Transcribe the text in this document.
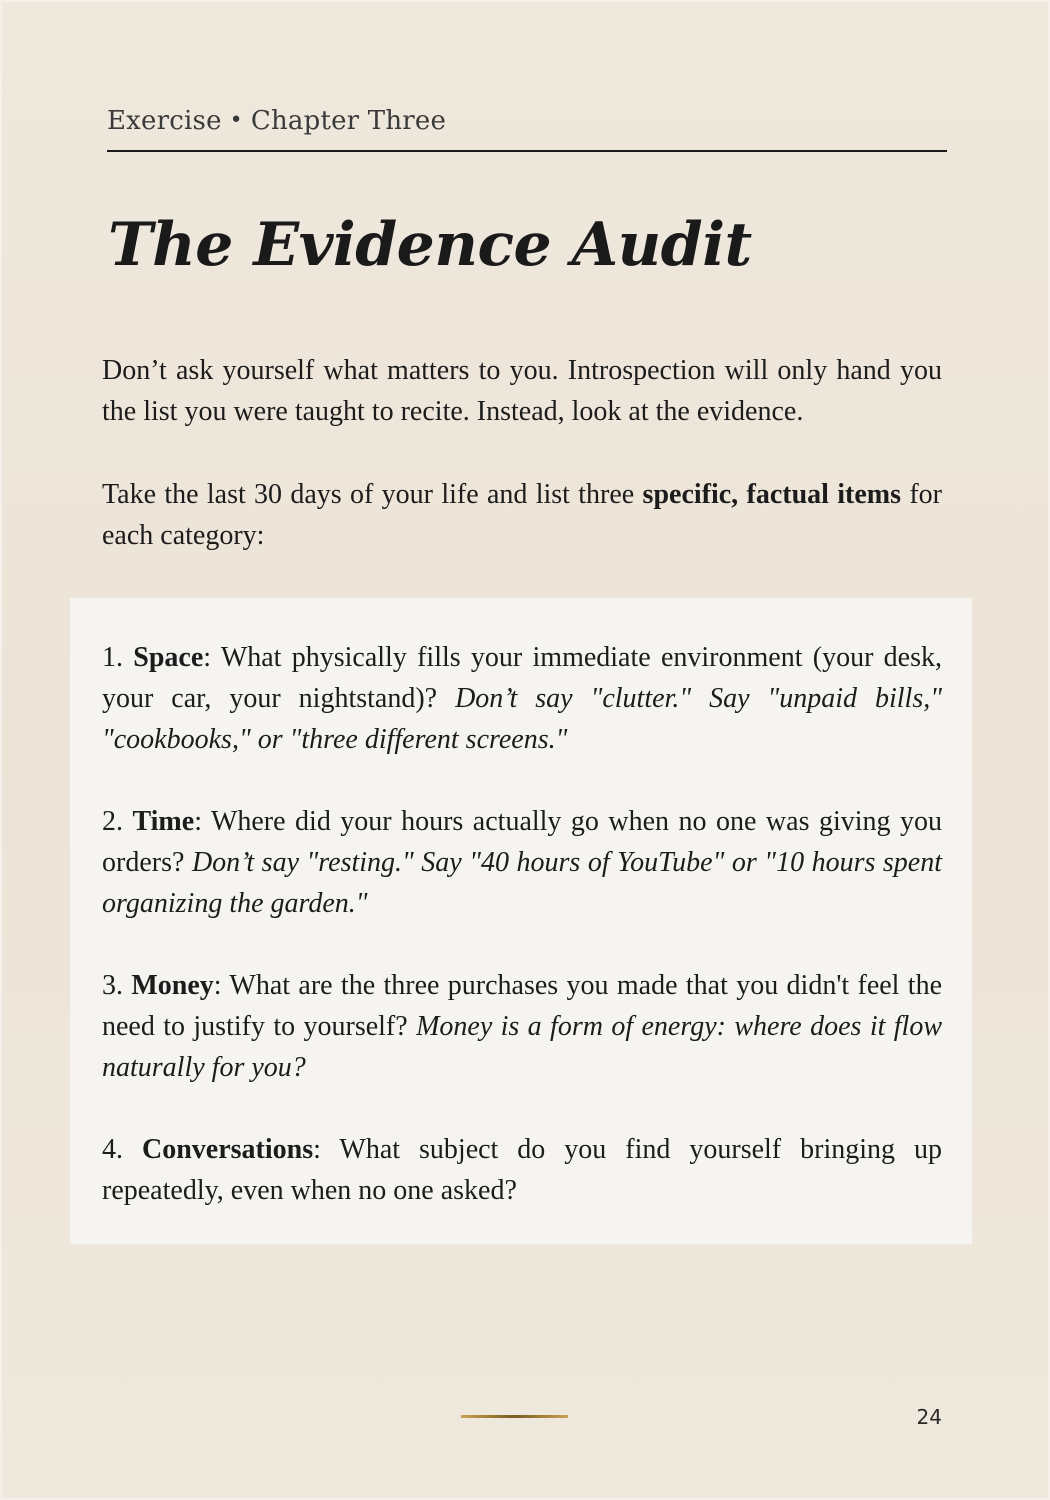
Exercise • Chapter Three
The Evidence Audit

Don’t ask yourself what matters to you. Introspection will only hand you the list you were taught to recite. Instead, look at the evidence.

Take the last 30 days of your life and list three specific, factual items for each category:

1. Space: What physically fills your immediate environment (your desk, your car, your nightstand)? Don’t say "clutter." Say "unpaid bills," "cookbooks," or "three different screens."

2. Time: Where did your hours actually go when no one was giving you orders? Don’t say "resting." Say "40 hours of YouTube" or "10 hours spent organizing the garden."

3. Money: What are the three purchases you made that you didn't feel the need to justify to yourself? Money is a form of energy: where does it flow naturally for you?

4. Conversations: What subject do you find yourself bringing up repeatedly, even when no one asked?

24
